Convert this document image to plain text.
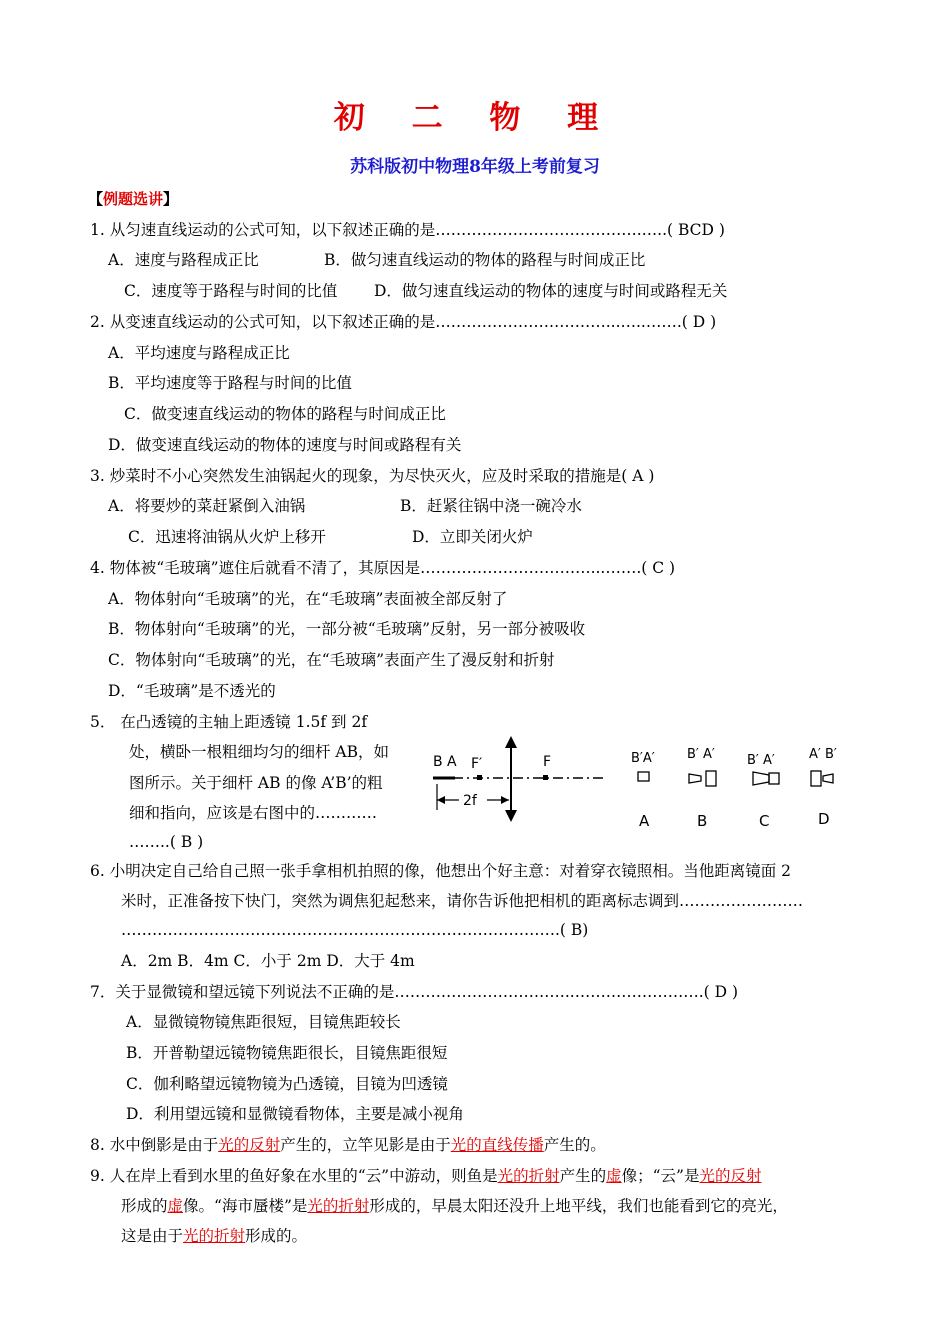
初 二 物 理
苏科版初中物理8年级上考前复习
【例题选讲】
1. 从匀速直线运动的公式可知，以下叙述正确的是………………………………….…..( BCD )
A．速度与路程成正比	B．做匀速直线运动的物体的路程与时间成正比
C．速度等于路程与时间的比值 D．做匀速直线运动的物体的速度与时间或路程无关
2. 从变速直线运动的公式可知，以下叙述正确的是……………………………...…..…….( D )
A．平均速度与路程成正比
B．平均速度等于路程与时间的比值
C．做变速直线运动的物体的路程与时间成正比
D．做变速直线运动的物体的速度与时间或路程有关
3. 炒菜时不小心突然发生油锅起火的现象，为尽快灭火，应及时采取的措施是( A )
A．将要炒的菜赶紧倒入油锅	B．赶紧往锅中浇一碗冷水
C．迅速将油锅从火炉上移开	D．立即关闭火炉
4. 物体被“毛玻璃”遮住后就看不清了，其原因是……………………………...…….( C )
A．物体射向“毛玻璃”的光，在“毛玻璃”表面被全部反射了
B．物体射向“毛玻璃”的光，一部分被“毛玻璃”反射，另一部分被吸收
C．物体射向“毛玻璃”的光，在“毛玻璃”表面产生了漫反射和折射
D．“毛玻璃”是不透光的
5． 在凸透镜的主轴上距透镜 1.5f 到 2f
处，横卧一根粗细均匀的细杆 AB，如
图所示。关于细杆 AB 的像 A’B’的粗
细和指向，应该是右图中的…………
……..( B )
B A F′	F
2f
B′A′
A
B′ A′
B
B′ A′
C
A′ B′
D
6. 小明决定自己给自己照一张手拿相机拍照的像，他想出个好主意：对着穿衣镜照相。当他距离镜面 2
米时，正准备按下快门，突然为调焦犯起愁来，请你告诉他把相机的距离标志调到……………………
………………………………………………………………………….( B)
A．2m B．4m C．小于 2m D．大于 4m
7．关于显微镜和望远镜下列说法不正确的是……………………………..…………………….( D )
A．显微镜物镜焦距很短，目镜焦距较长
B．开普勒望远镜物镜焦距很长，目镜焦距很短
C．伽利略望远镜物镜为凸透镜，目镜为凹透镜
D．利用望远镜和显微镜看物体，主要是减小视角
8. 水中倒影是由于光的反射产生的，立竿见影是由于光的直线传播产生的。
9. 人在岸上看到水里的鱼好象在水里的“云”中游动，则鱼是光的折射产生的虚像；“云”是光的反射
形成的虚像。“海市蜃楼”是光的折射形成的，早晨太阳还没升上地平线，我们也能看到它的亮光，
这是由于光的折射形成的。
